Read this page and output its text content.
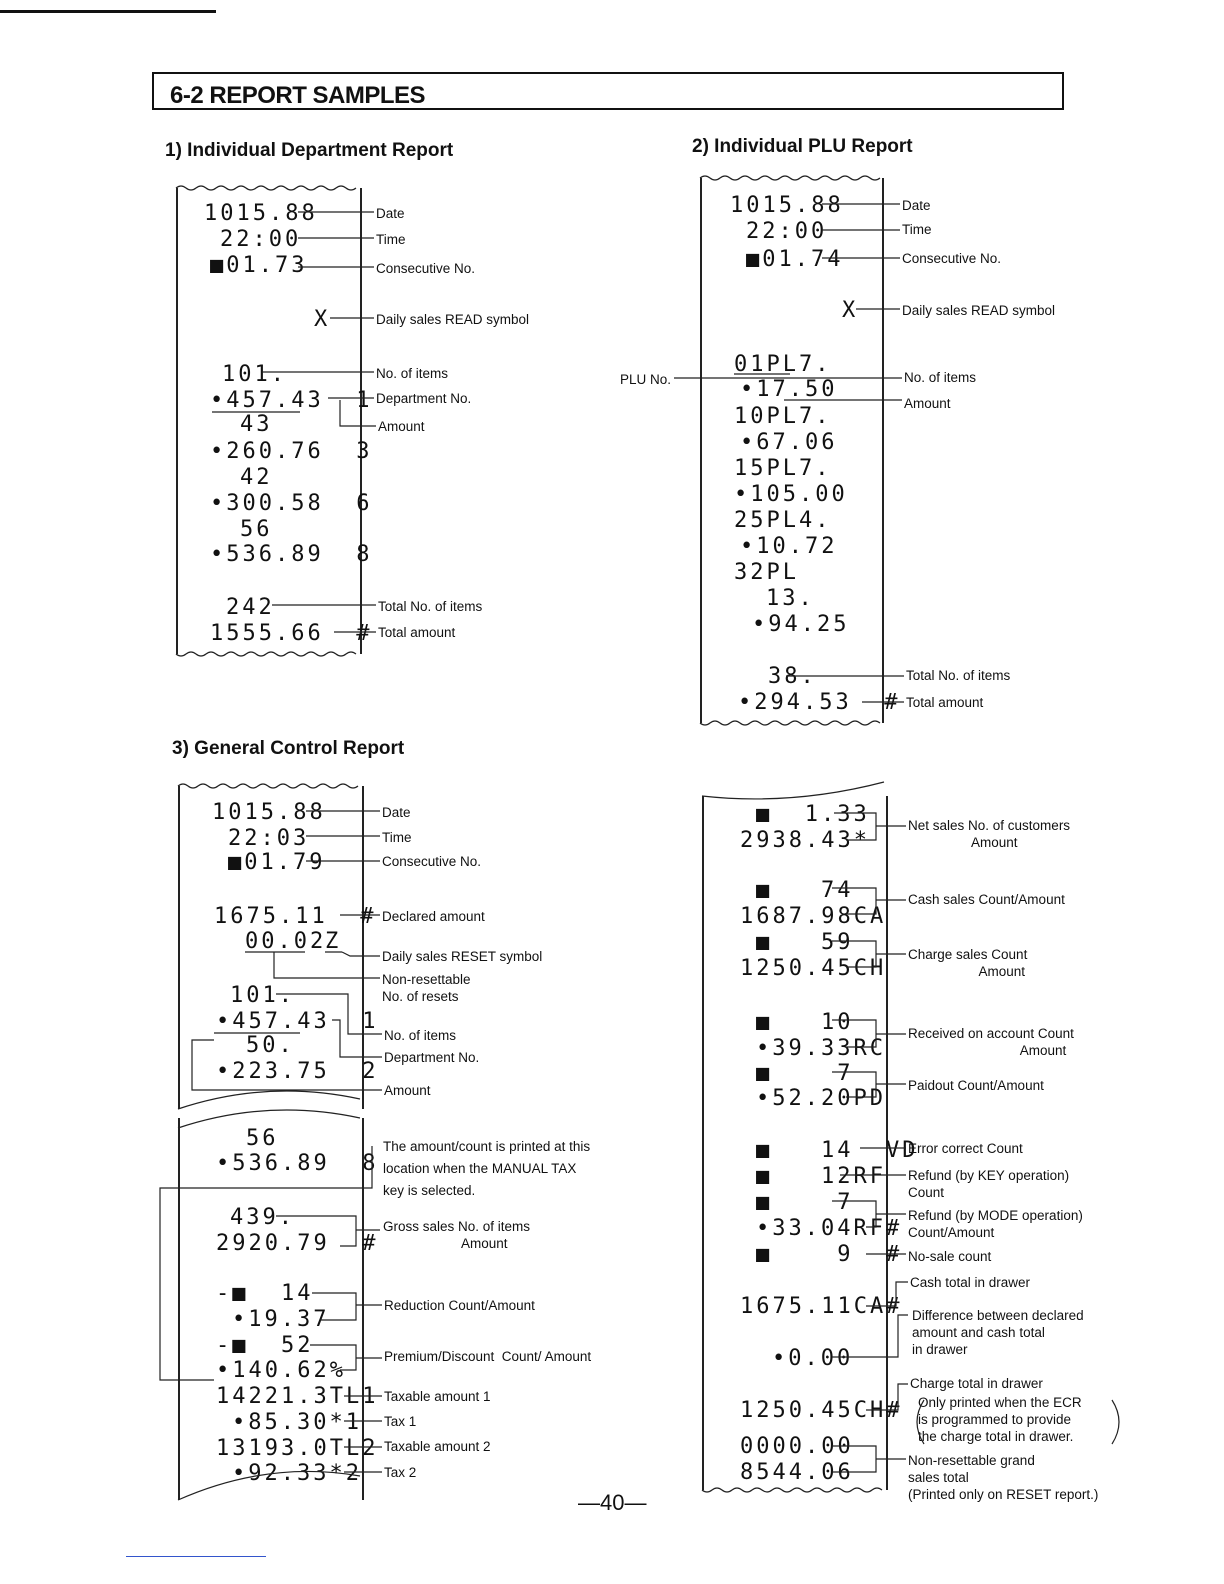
6-2 REPORT SAMPLES
1) Individual Department Report
1015.88
22:00
■01.73
X
101.
•457.43  1
43
•260.76  3
42
•300.58  6
56
•536.89  8
242
1555.66  #
Date
Time
Consecutive No.
Daily sales READ symbol
No. of items
Department No.
Amount
Total No. of items
Total amount
2) Individual PLU Report
1015.88
22:00
■01.74
X
01PL7.
•17.50
10PL7.
•67.06
15PL7.
•105.00
25PL4.
•10.72
32PL
13.
•94.25
38.
•294.53  #
PLU No.
Date
Time
Consecutive No.
Daily sales READ symbol
No. of items
Amount
Total No. of items
Total amount
3) General Control Report
1015.88
22:03
■01.79
1675.11  #
00.02
Z
101.
•457.43  1
50.
•223.75  2
56
•536.89  8
439.
2920.79  #
-■  14
•19.37
-■  52
•140.62%
14221.3TL1
•85.30*1
13193.0TL2
•92.33*2
Date
Time
Consecutive No.
Declared amount
Daily sales RESET symbol
Non-resettable
No. of resets
No. of items
Department No.
Amount
The amount/count is printed at this
location when the MANUAL TAX
key is selected.
Gross sales No. of items
Amount
Reduction Count/Amount
Premium/Discount  Count/ Amount
Taxable amount 1
Tax 1
Taxable amount 2
Tax 2
■  1.33
2938.43*
■   74
1687.98CA
■   59
1250.45CH
■   10
•39.33RC
■    7
•52.20PD
■   14  VD
■   12RF
■    7
•33.04RF#
■    9  #
1675.11CA#
•0.00
1250.45CH#
0000.00
8544.06
Net sales No. of customers
Amount
Cash sales Count/Amount
Charge sales Count
Amount
Received on account Count
Amount
Paidout Count/Amount
Error correct Count
Refund (by KEY operation)
Count
Refund (by MODE operation)
Count/Amount
No-sale count
Cash total in drawer
Difference between declared
amount and cash total
in drawer
Charge total in drawer
Only printed when the ECR
is programmed to provide
the charge total in drawer.
Non-resettable grand
sales total
(Printed only on RESET report.)
—40—
